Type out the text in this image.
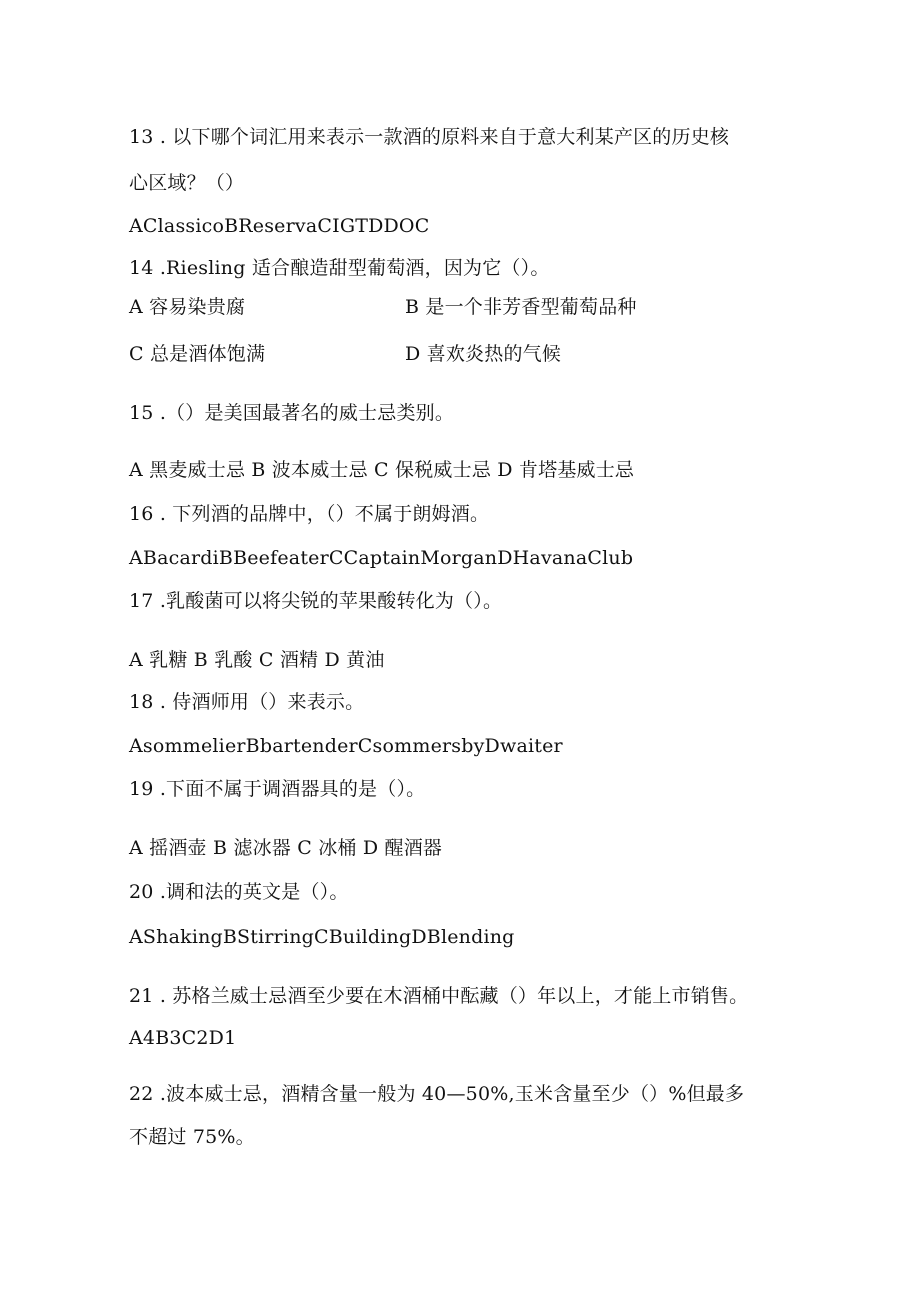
13 . 以下哪个词汇用来表示一款酒的原料来自于意大利某产区的历史核
心区域？（）
AClassicoBReservaCIGTDDOC
14 .Riesling 适合酿造甜型葡萄酒，因为它（）。
A 容易染贵腐	B 是一个非芳香型葡萄品种
C 总是酒体饱满	D 喜欢炎热的气候
15 .（）是美国最著名的威士忌类别。
A 黑麦威士忌 B 波本威士忌 C 保税威士忌 D 肯塔基威士忌
16 . 下列酒的品牌中，（）不属于朗姆酒。
ABacardiBBeefeaterCCaptainMorganDHavanaClub
17 .乳酸菌可以将尖锐的苹果酸转化为（）。
A 乳糖 B 乳酸 C 酒精 D 黄油
18 . 侍酒师用（）来表示。
AsommelierBbartenderCsommersbyDwaiter
19 .下面不属于调酒器具的是（）。
A 摇酒壶 B 滤冰器 C 冰桶 D 醒酒器
20 .调和法的英文是（）。
AShakingBStirringCBuildingDBlending
21 . 苏格兰威士忌酒至少要在木酒桶中酝藏（）年以上，才能上市销售。
A4B3C2D1
22 .波本威士忌，酒精含量一般为 40—50%,玉米含量至少（）%但最多
不超过 75%。
